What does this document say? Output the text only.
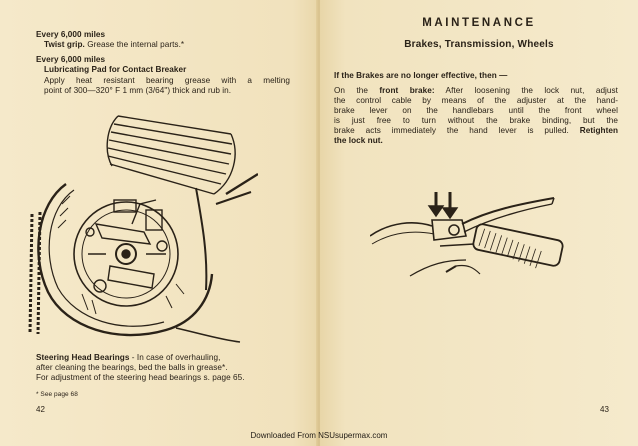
Every 6,000 miles
Twist grip. Grease the internal parts.*
Every 6,000 miles
Lubricating Pad for Contact Breaker
Apply heat resistant bearing grease with a melting
point of 300—320° F 1 mm (3/64") thick and rub in.
Steering Head Bearings - In case of overhauling,
after cleaning the bearings, bed the balls in grease*.
For adjustment of the steering head bearings s. page 65.
* See page 68
42
MAINTENANCE
Brakes, Transmission, Wheels
If the Brakes are no longer effective, then —
On the front brake: After loosening the lock nut, adjust
the control cable by means of the adjuster at the hand-
brake lever on the handlebars until the front wheel
is just free to turn without the brake binding, but the
brake acts immediately the hand lever is pulled. Retighten
the lock nut.
43
Downloaded From NSUsupermax.com
